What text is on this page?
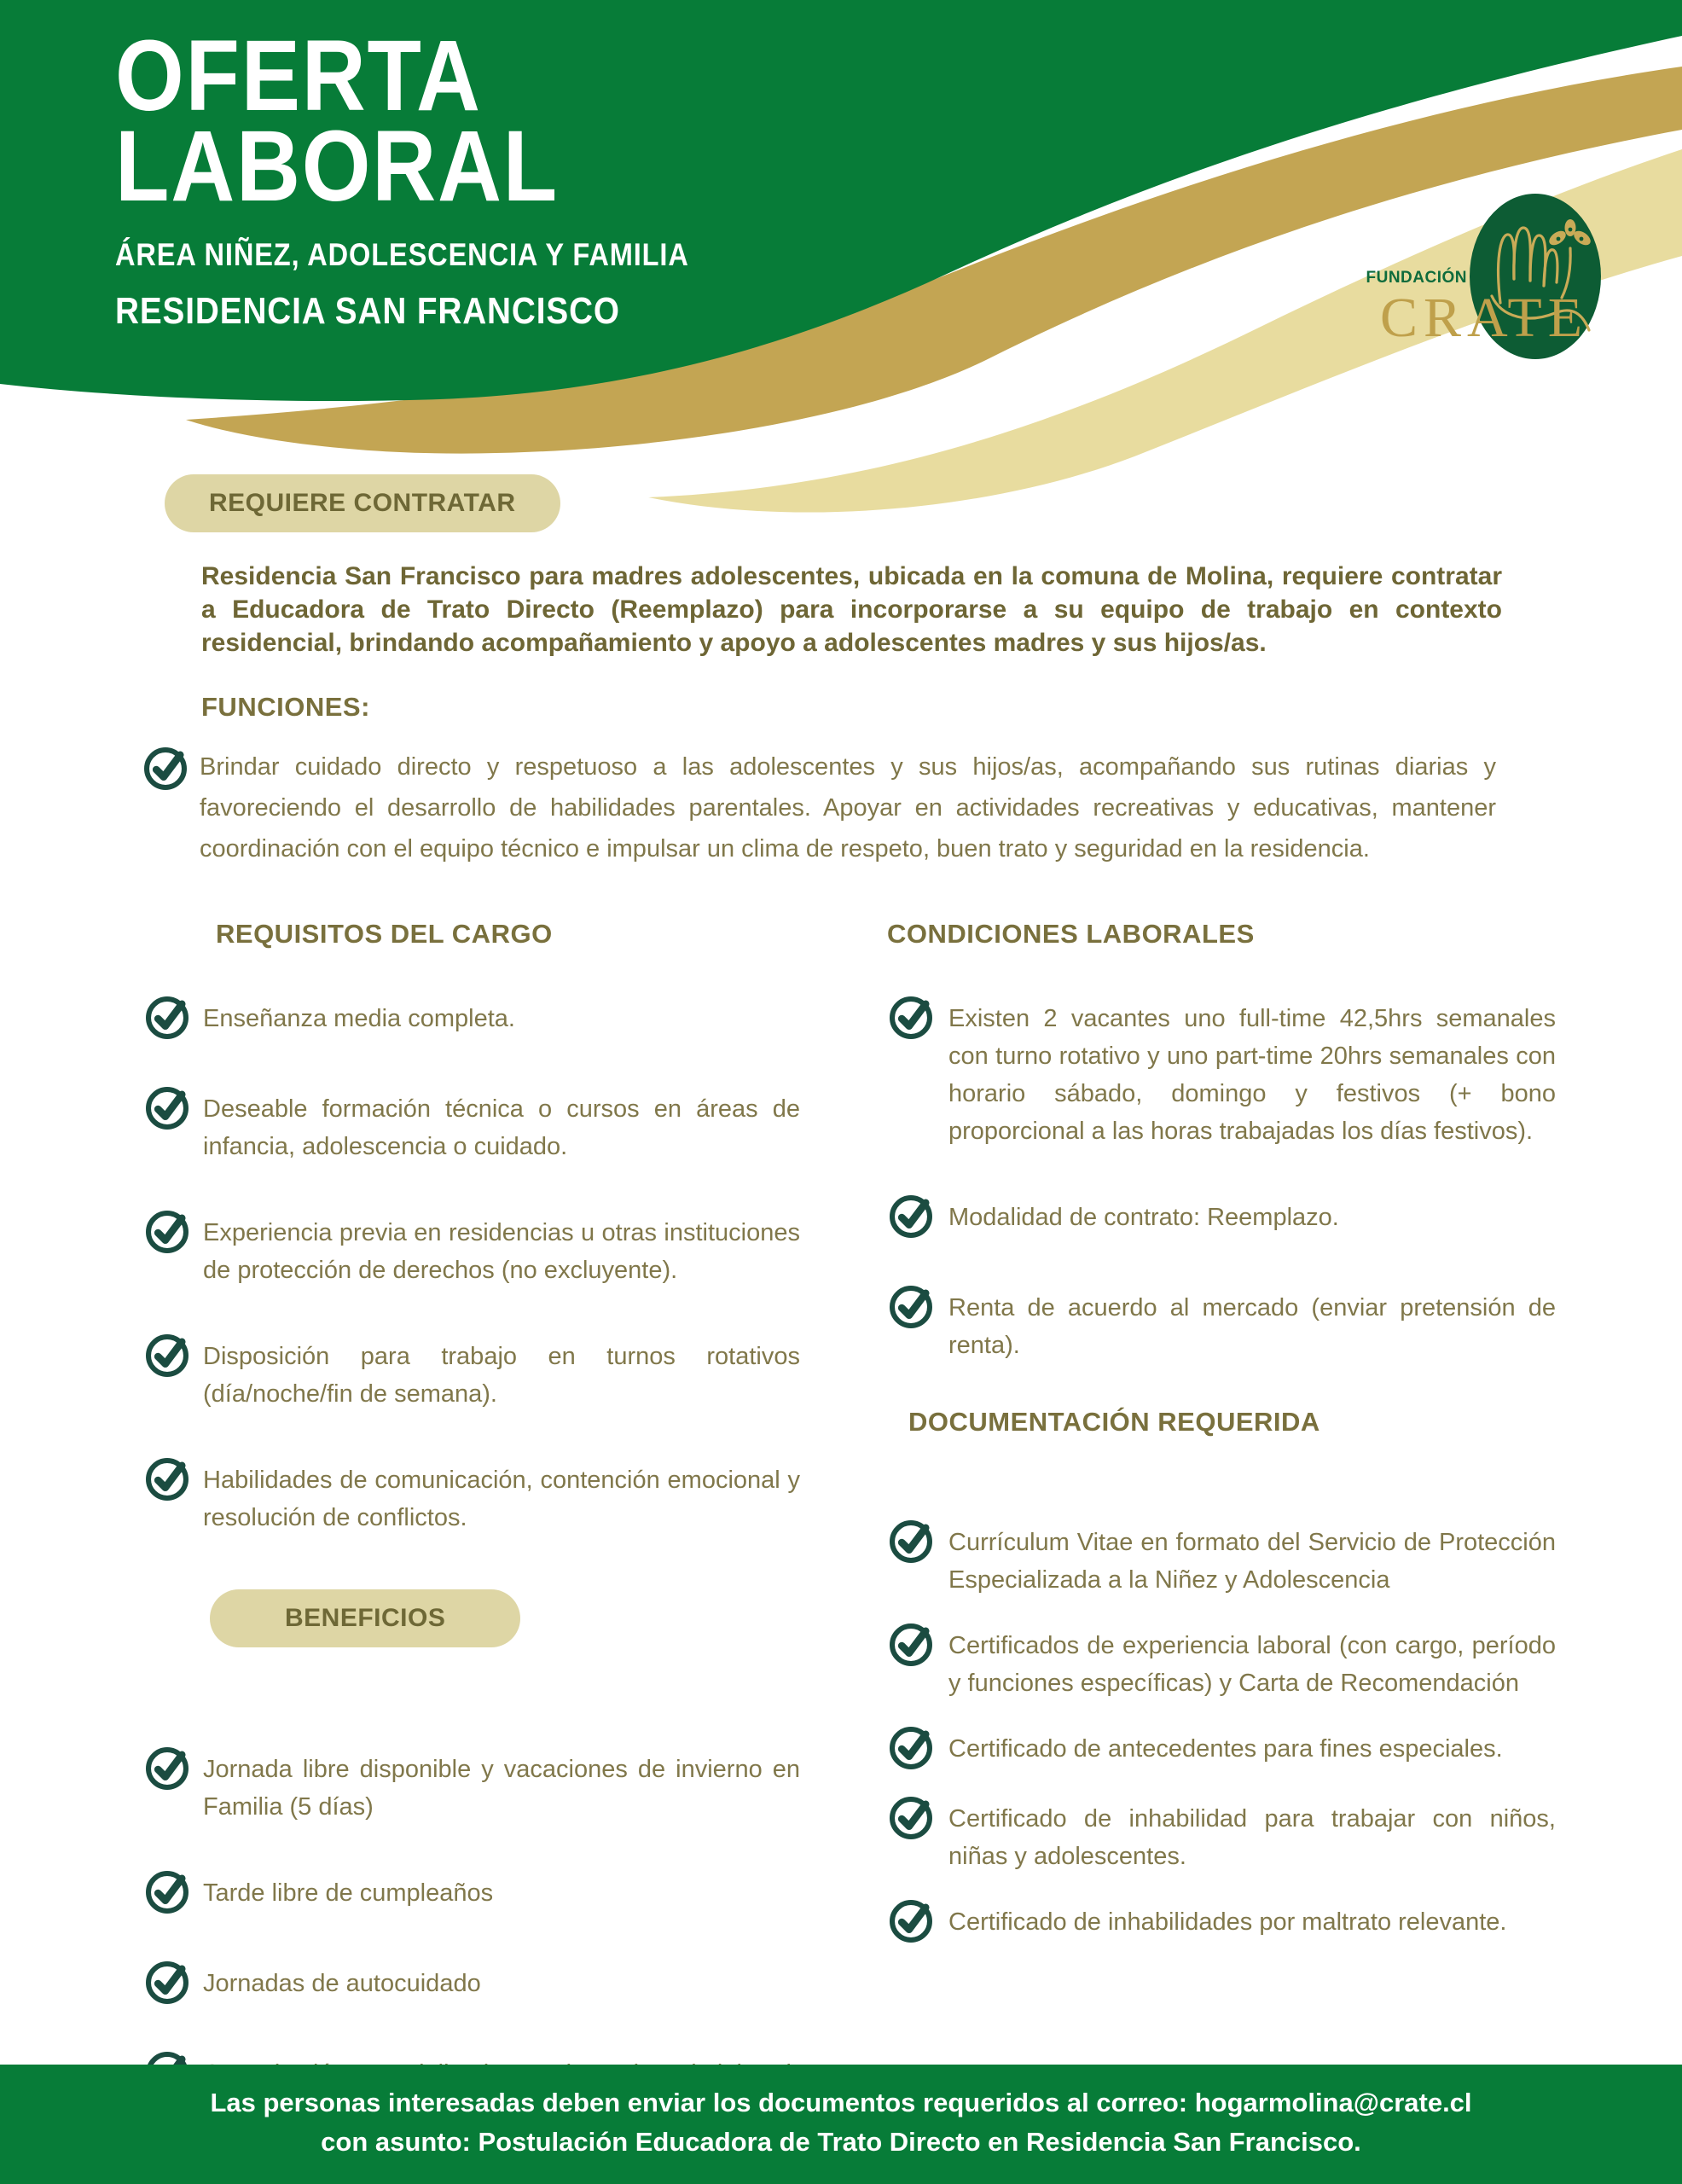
OFERTA
LABORAL
ÁREA NIÑEZ, ADOLESCENCIA Y FAMILIA
RESIDENCIA SAN FRANCISCO
FUNDACIÓN
CRATE
REQUIERE CONTRATAR

Residencia San Francisco para madres adolescentes, ubicada en la comuna de Molina, requiere contratar a Educadora de Trato Directo (Reemplazo) para incorporarse a su equipo de trabajo en contexto residencial, brindando acompañamiento y apoyo a adolescentes madres y sus hijos/as.

FUNCIONES:

Brindar cuidado directo y respetuoso a las adolescentes y sus hijos/as, acompañando sus rutinas diarias y favoreciendo el desarrollo de habilidades parentales. Apoyar en actividades recreativas y educativas, mantener coordinación con el equipo técnico e impulsar un clima de respeto, buen trato y seguridad en la residencia.

REQUISITOS DEL CARGO

Enseñanza media completa.

Deseable formación técnica o cursos en áreas de infancia, adolescencia o cuidado.

Experiencia previa en residencias u otras instituciones de protección de derechos (no excluyente).

Disposición para trabajo en turnos rotativos (día/noche/fin de semana).

Habilidades de comunicación, contención emocional y resolución de conflictos.

BENEFICIOS

Jornada libre disponible y vacaciones de invierno en Familia (5 días)

Tarde libre de cumpleaños

Jornadas de autocuidado

CONDICIONES LABORALES

Existen 2 vacantes uno full-time 42,5hrs semanales con turno rotativo y uno part-time 20hrs semanales con horario sábado, domingo y festivos (+ bono proporcional a las horas trabajadas los días festivos).

Modalidad de contrato: Reemplazo.

Renta de acuerdo al mercado (enviar pretensión de renta).

DOCUMENTACIÓN REQUERIDA

Currículum Vitae en formato del Servicio de Protección Especializada a la Niñez y Adolescencia

Certificados de experiencia laboral (con cargo, período y funciones específicas) y Carta de Recomendación

Certificado de antecedentes para fines especiales.

Certificado de inhabilidad para trabajar con niños, niñas y adolescentes.

Certificado de inhabilidades por maltrato relevante.

Las personas interesadas deben enviar los documentos requeridos al correo: hogarmolina@crate.cl
con asunto: Postulación Educadora de Trato Directo en Residencia San Francisco.
